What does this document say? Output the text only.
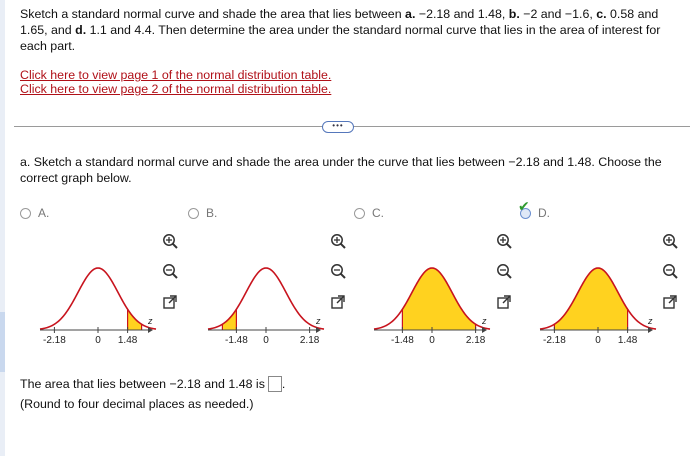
Sketch a standard normal curve and shade the area that lies between a. −2.18 and 1.48, b. −2 and −1.6, c. 0.58 and 1.65, and d. 1.1 and 4.4. Then determine the area under the standard normal curve that lies in the area of interest for each part.
Click here to view page 1 of the normal distribution table.
Click here to view page 2 of the normal distribution table.
•••
a. Sketch a standard normal curve and shade the area under the curve that lies between −2.18 and 1.48. Choose the correct graph below.
A.
-2.18	0 1.48
z
B.
-1.48 0	2.18
z
C.
-1.48 0	2.18
z
✔ D.
-2.18	0 1.48
z
The area that lies between −2.18 and 1.48 is .
(Round to four decimal places as needed.)
